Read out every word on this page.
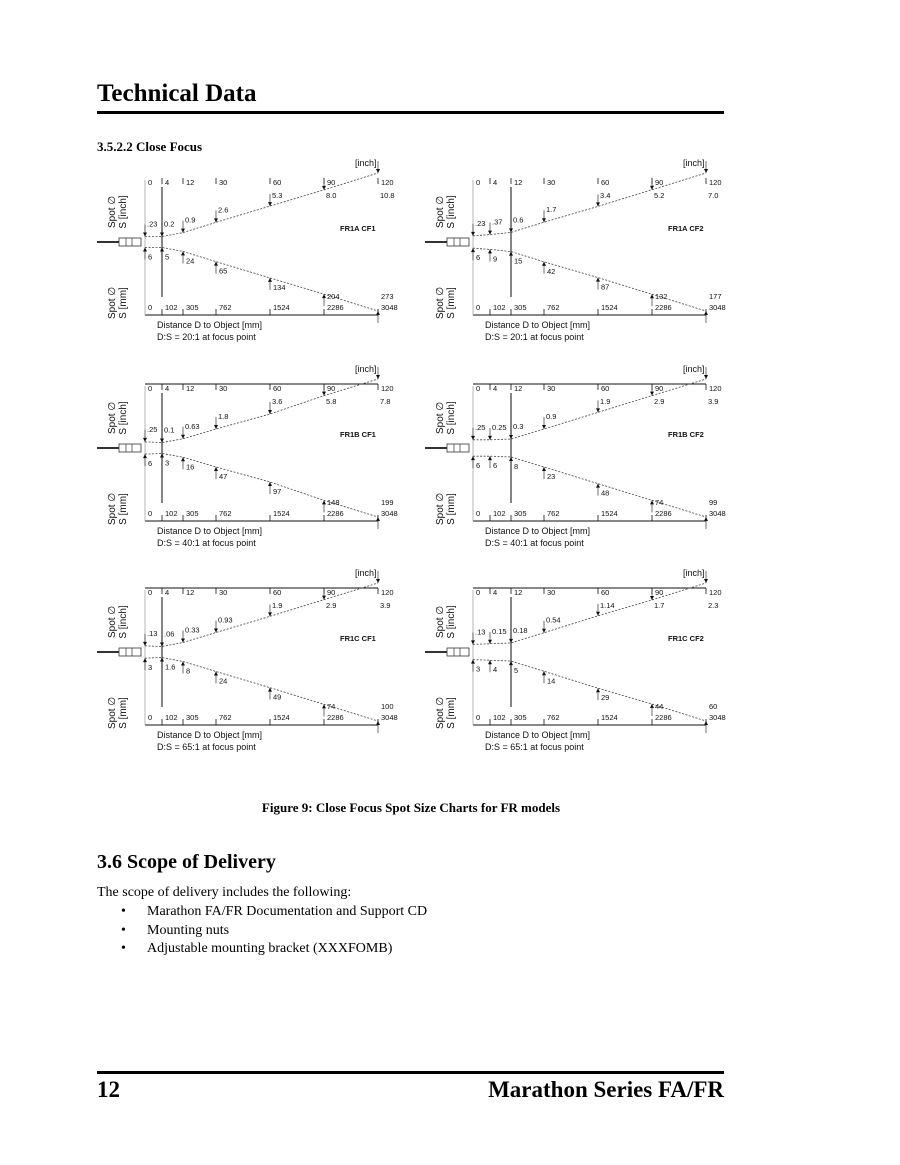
Technical Data
3.5.2.2 Close Focus
[inch]
0
0
4
102
12
305
30
762
60
1524
90
2286
120
3048
.23
6
0.2
5
0.9
24
2.6
65
5.3
134
8.0
204
10.8
273
FR1A CF1
Spot ∅S [inch]
Spot ∅S [mm]
Distance D to Object [mm]
D:S = 20:1 at focus point
[inch]
0
0
4
102
12
305
30
762
60
1524
90
2286
120
3048
.23
6
.37
9
0.6
15
1.7
42
3.4
87
5.2
132
7.0
177
FR1A CF2
Spot ∅S [inch]
Spot ∅S [mm]
Distance D to Object [mm]
D:S = 20:1 at focus point
[inch]
0
0
4
102
12
305
30
762
60
1524
90
2286
120
3048
.25
6
0.1
3
0.63
16
1.8
47
3.6
97
5.8
148
7.8
199
FR1B CF1
Spot ∅S [inch]
Spot ∅S [mm]
Distance D to Object [mm]
D:S = 40:1 at focus point
[inch]
0
0
4
102
12
305
30
762
60
1524
90
2286
120
3048
.25
6
0.25
6
0.3
8
0.9
23
1.9
48
2.9
74
3.9
99
FR1B CF2
Spot ∅S [inch]
Spot ∅S [mm]
Distance D to Object [mm]
D:S = 40:1 at focus point
[inch]
0
0
4
102
12
305
30
762
60
1524
90
2286
120
3048
.13
3
.06
1.6
0.33
8
0.93
24
1.9
49
2.9
74
3.9
100
FR1C CF1
Spot ∅S [inch]
Spot ∅S [mm]
Distance D to Object [mm]
D:S = 65:1 at focus point
[inch]
0
0
4
102
12
305
30
762
60
1524
90
2286
120
3048
.13
3
0.15
4
0.18
5
0.54
14
1.14
29
1.7
44
2.3
60
FR1C CF2
Spot ∅S [inch]
Spot ∅S [mm]
Distance D to Object [mm]
D:S = 65:1 at focus point
Figure 9: Close Focus Spot Size Charts for FR models
3.6 Scope of Delivery
The scope of delivery includes the following:
• Marathon FA/FR Documentation and Support CD
• Mounting nuts
• Adjustable mounting bracket (XXXFOMB)
12	Marathon Series FA/FR
